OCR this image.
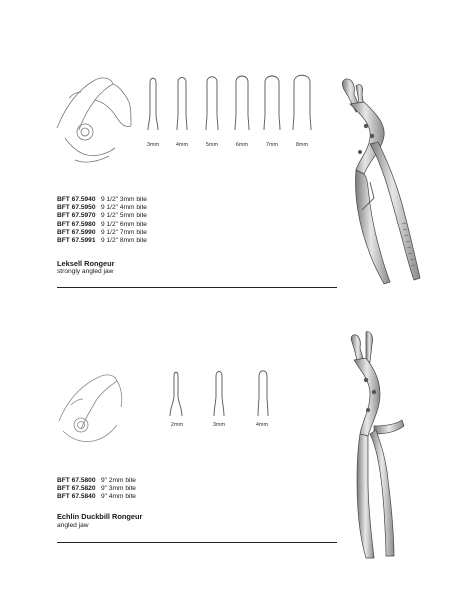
3mm	4mm	5mm	6mm	7mm	8mm
BFT 67.5940 9 1/2" 3mm bite
BFT 67.5950 9 1/2" 4mm bite
BFT 67.5970 9 1/2" 5mm bite
BFT 67.5980 9 1/2" 6mm bite
BFT 67.5990 9 1/2" 7mm bite
BFT 67.5991 9 1/2" 8mm bite
Leksell Rongeur
strongly angled jaw
2mm	3mm	4mm
BFT 67.5800 9" 2mm bite
BFT 67.5820 9" 3mm bite
BFT 67.5840 9" 4mm bite
Echlin Duckbill Rongeur
angled jaw
